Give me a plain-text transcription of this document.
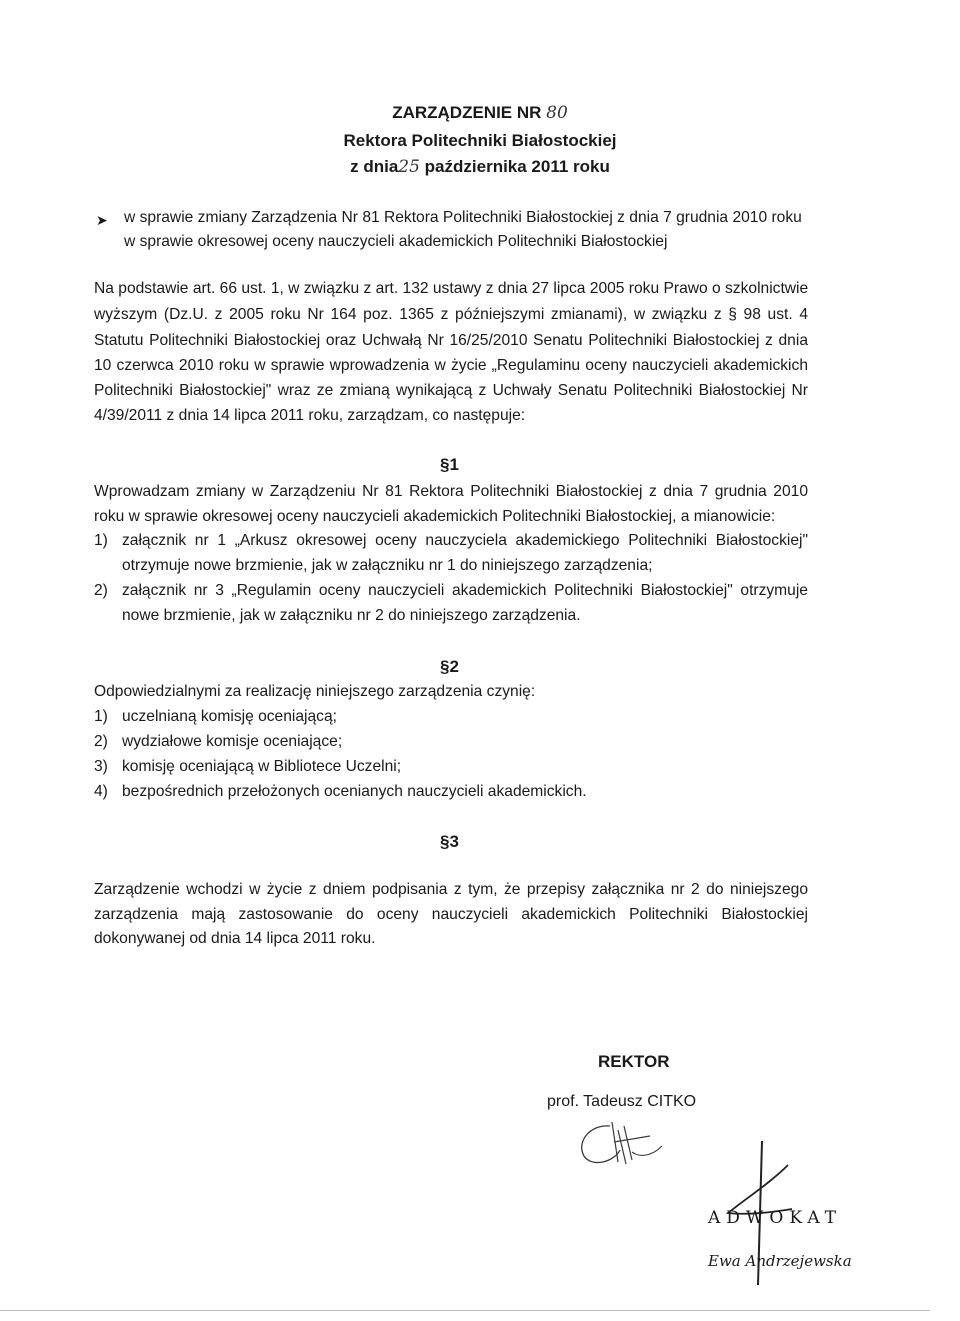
ZARZĄDZENIE NR 80
Rektora Politechniki Białostockiej
z dnia25 października 2011 roku
➤ w sprawie zmiany Zarządzenia Nr 81 Rektora Politechniki Białostockiej z dnia 7 grudnia 2010 roku
w sprawie okresowej oceny nauczycieli akademickich Politechniki Białostockiej
Na podstawie art. 66 ust. 1, w związku z art. 132 ustawy z dnia 27 lipca 2005 roku Prawo o szkolnictwie
wyższym (Dz.U. z 2005 roku Nr 164 poz. 1365 z późniejszymi zmianami), w związku z § 98 ust. 4
Statutu Politechniki Białostockiej oraz Uchwałą Nr 16/25/2010 Senatu Politechniki Białostockiej z dnia
10 czerwca 2010 roku w sprawie wprowadzenia w życie „Regulaminu oceny nauczycieli akademickich
Politechniki Białostockiej" wraz ze zmianą wynikającą z Uchwały Senatu Politechniki Białostockiej Nr
4/39/2011 z dnia 14 lipca 2011 roku, zarządzam, co następuje:
§1
Wprowadzam zmiany w Zarządzeniu Nr 81 Rektora Politechniki Białostockiej z dnia 7 grudnia 2010
roku w sprawie okresowej oceny nauczycieli akademickich Politechniki Białostockiej, a mianowicie:
1) załącznik nr 1 „Arkusz okresowej oceny nauczyciela akademickiego Politechniki Białostockiej"
otrzymuje nowe brzmienie, jak w załączniku nr 1 do niniejszego zarządzenia;
2) załącznik nr 3 „Regulamin oceny nauczycieli akademickich Politechniki Białostockiej" otrzymuje
nowe brzmienie, jak w załączniku nr 2 do niniejszego zarządzenia.
§2
Odpowiedzialnymi za realizację niniejszego zarządzenia czynię:
1) uczelnianą komisję oceniającą;
2) wydziałowe komisje oceniające;
3) komisję oceniającą w Bibliotece Uczelni;
4) bezpośrednich przełożonych ocenianych nauczycieli akademickich.
§3
Zarządzenie wchodzi w życie z dniem podpisania z tym, że przepisy załącznika nr 2 do niniejszego
zarządzenia mają zastosowanie do oceny nauczycieli akademickich Politechniki Białostockiej
dokonywanej od dnia 14 lipca 2011 roku.
REKTOR
prof. Tadeusz CITKO
ADWOKAT
Ewa Andrzejewska
